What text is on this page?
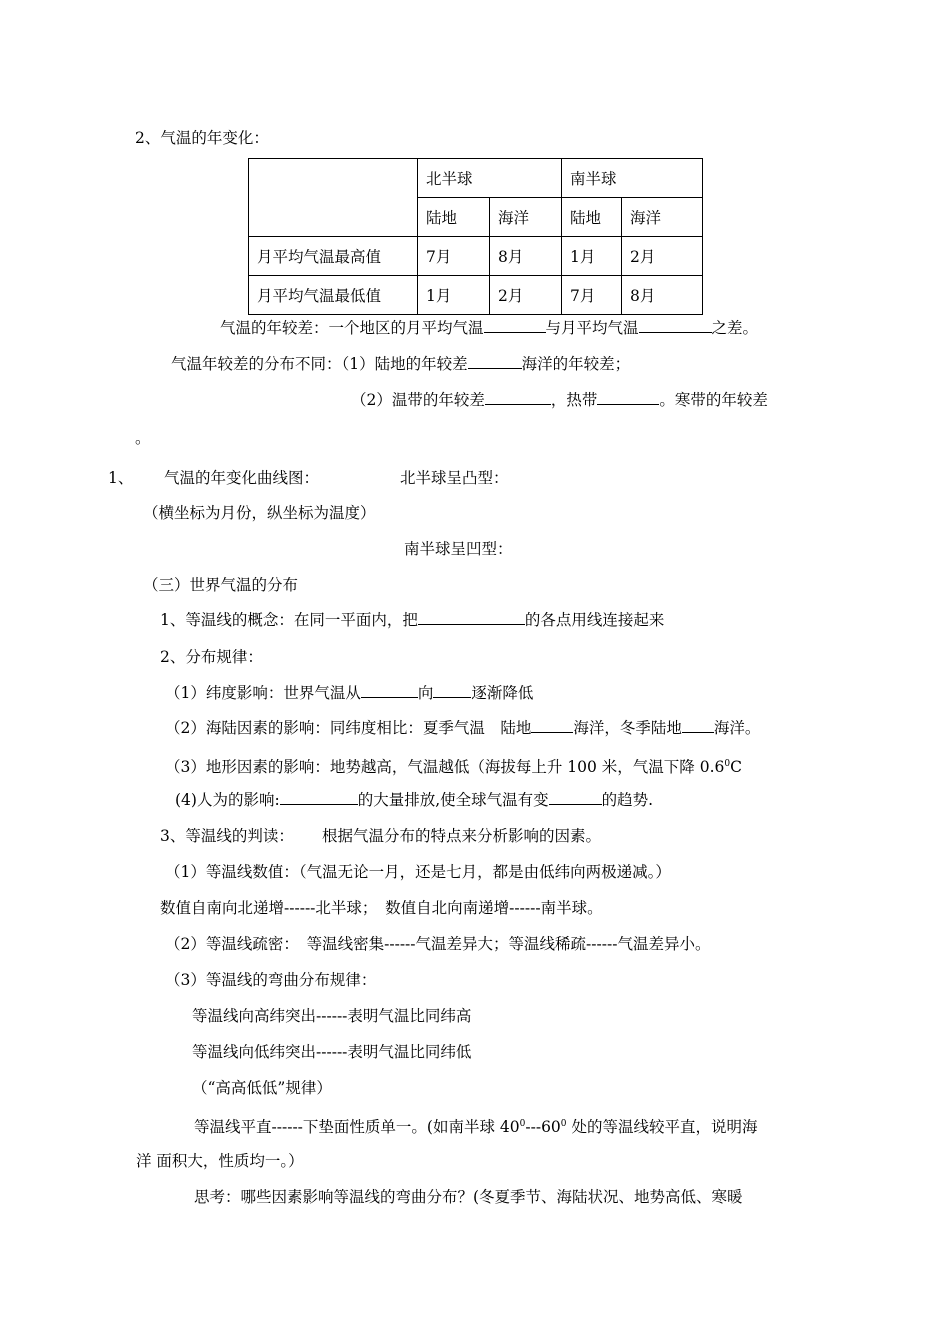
2、气温的年变化：
	北半球		南半球	
	陆地	海洋	陆地	海洋
月平均气温最高值	7月	8月	1月	2月
月平均气温最低值	1月	2月	7月	8月
气温的年较差：一个地区的月平均气温	与月平均气温	之差。
气温年较差的分布不同：（1）陆地的年较差	海洋的年较差；
（2）温带的年较差	，热带	。寒带的年较差
。
1、 气温的年变化曲线图：	北半球呈凸型：
（横坐标为月份，纵坐标为温度）
南半球呈凹型：
（三）世界气温的分布
1、等温线的概念：在同一平面内，把	的各点用线连接起来
2、分布规律：
（1）纬度影响：世界气温从	向 逐渐降低
（2）海陆因素的影响：同纬度相比：夏季气温　陆地	海洋，冬季陆地 海洋。
（3）地形因素的影响：地势越高，气温越低（海拔每上升 100 米，气温下降 $0.6^0C$
(4)人为的影响:	的大量排放,使全球气温有变	的趋势.
3、等温线的判读：　　 根据气温分布的特点来分析影响的因素。
（1）等温线数值：（气温无论一月，还是七月，都是由低纬向两极递减。）
数值自南向北递增------北半球；　数值自北向南递增------南半球。
（2）等温线疏密：　等温线密集------气温差异大；等温线稀疏------气温差异小。
（3）等温线的弯曲分布规律：
等温线向高纬突出------表明气温比同纬高
等温线向低纬突出------表明气温比同纬低
（“高高低低”规律）
等温线平直------下垫面性质单一。(如南半球 $40^0---60^0$ 处的等温线较平直，说明海
洋 面积大，性质均一。）
思考：哪些因素影响等温线的弯曲分布？(冬夏季节、海陆状况、地势高低、寒暖
